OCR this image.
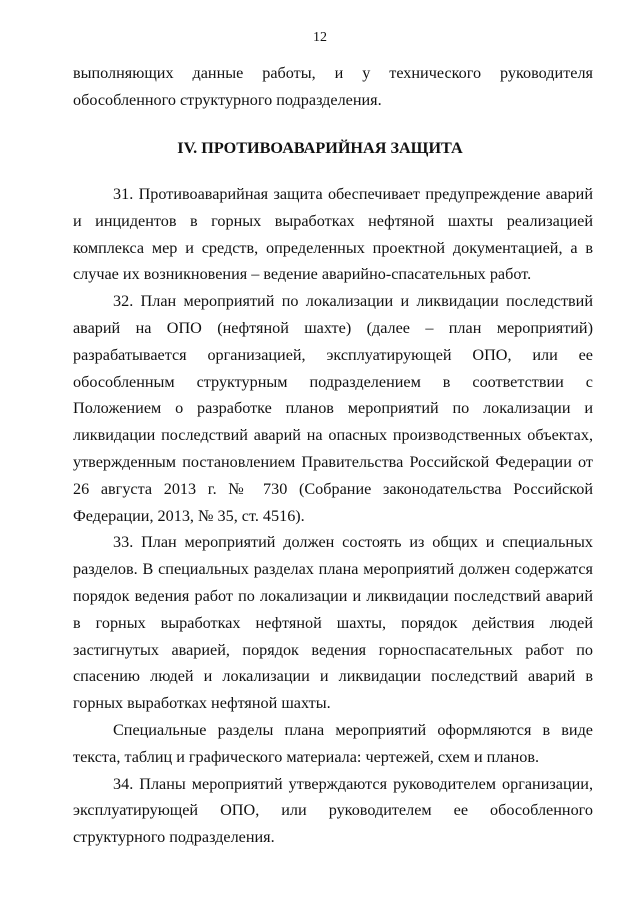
12
выполняющих данные работы, и у технического руководителя обособленного структурного подразделения.
IV. ПРОТИВОАВАРИЙНАЯ ЗАЩИТА

31. Противоаварийная защита обеспечивает предупреждение аварий и инцидентов в горных выработках нефтяной шахты реализацией комплекса мер и средств, определенных проектной документацией, а в случае их возникновения – ведение аварийно-спасательных работ.

32. План мероприятий по локализации и ликвидации последствий аварий на ОПО (нефтяной шахте) (далее – план мероприятий) разрабатывается организацией, эксплуатирующей ОПО, или ее обособленным структурным подразделением в соответствии с Положением о разработке планов мероприятий по локализации и ликвидации последствий аварий на опасных производственных объектах, утвержденным постановлением Правительства Российской Федерации от 26 августа 2013 г. № 730 (Собрание законодательства Российской Федерации, 2013, № 35, ст. 4516).

33. План мероприятий должен состоять из общих и специальных разделов. В специальных разделах плана мероприятий должен содержатся порядок ведения работ по локализации и ликвидации последствий аварий в горных выработках нефтяной шахты, порядок действия людей застигнутых аварией, порядок ведения горноспасательных работ по спасению людей и локализации и ликвидации последствий аварий в горных выработках нефтяной шахты.

Специальные разделы плана мероприятий оформляются в виде текста, таблиц и графического материала: чертежей, схем и планов.

34. Планы мероприятий утверждаются руководителем организации, эксплуатирующей ОПО, или руководителем ее обособленного структурного подразделения.
